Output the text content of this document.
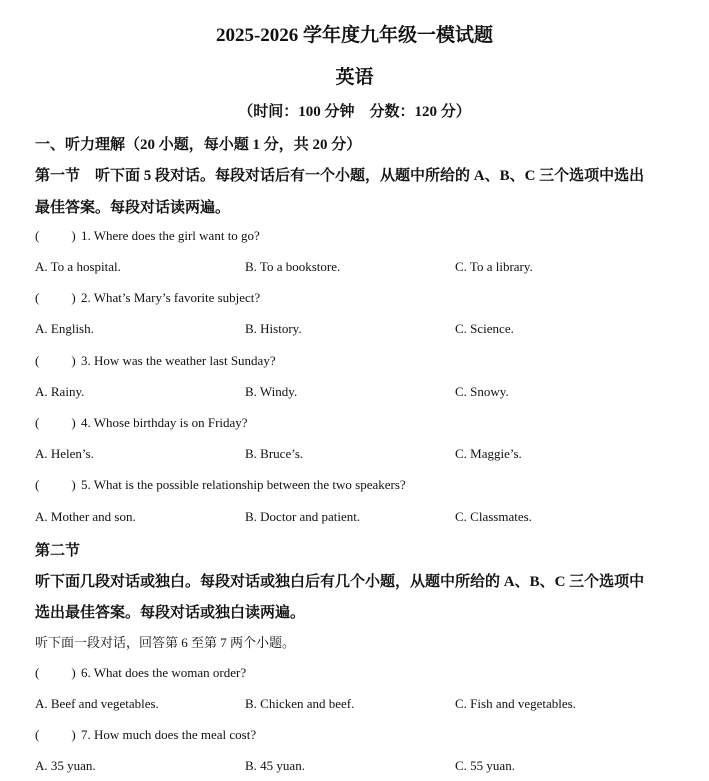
2025-2026 学年度九年级一模试题
英语
（时间：100 分钟　分数：120 分）
一、听力理解（20 小题，每小题 1 分，共 20 分）
第一节　听下面 5 段对话。每段对话后有一个小题，从题中所给的 A、B、C 三个选项中选出
最佳答案。每段对话读两遍。
( ) 1. Where does the girl want to go?
A. To a hospital.	B. To a bookstore.	C. To a library.
( ) 2. What’s Mary’s favorite subject?
A. English.	B. History.	C. Science.
( ) 3. How was the weather last Sunday?
A. Rainy.	B. Windy.	C. Snowy.
( ) 4. Whose birthday is on Friday?
A. Helen’s.	B. Bruce’s.	C. Maggie’s.
( ) 5. What is the possible relationship between the two speakers?
A. Mother and son.	B. Doctor and patient.	C. Classmates.
第二节
听下面几段对话或独白。每段对话或独白后有几个小题，从题中所给的 A、B、C 三个选项中
选出最佳答案。每段对话或独白读两遍。
听下面一段对话，回答第 6 至第 7 两个小题。
( ) 6. What does the woman order?
A. Beef and vegetables.	B. Chicken and beef.	C. Fish and vegetables.
( ) 7. How much does the meal cost?
A. 35 yuan.	B. 45 yuan.	C. 55 yuan.
